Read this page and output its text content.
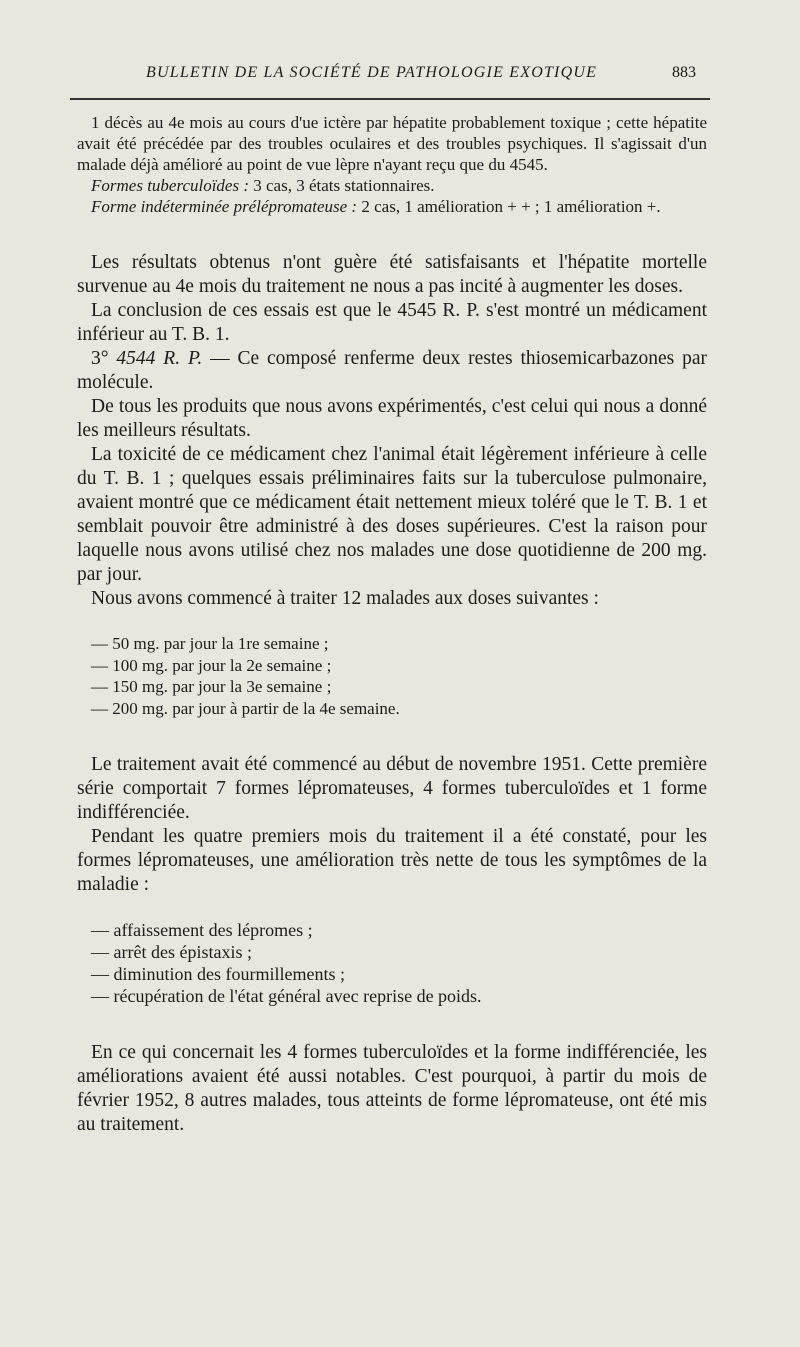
BULLETIN DE LA SOCIÉTÉ DE PATHOLOGIE EXOTIQUE	883

1 décès au 4e mois au cours d'ue ictère par hépatite probablement toxique ; cette hépatite avait été précédée par des troubles oculaires et des troubles psychiques. Il s'agissait d'un malade déjà amélioré au point de vue lèpre n'ayant reçu que du 4545.

Formes tuberculoïdes : 3 cas, 3 états stationnaires.

Forme indéterminée prélépromateuse : 2 cas, 1 amélioration + + ; 1 amélioration +.

Les résultats obtenus n'ont guère été satisfaisants et l'hépatite mortelle survenue au 4e mois du traitement ne nous a pas incité à augmenter les doses.

La conclusion de ces essais est que le 4545 R. P. s'est montré un médicament inférieur au T. B. 1.

3° 4544 R. P. — Ce composé renferme deux restes thiosemicarbazones par molécule.

De tous les produits que nous avons expérimentés, c'est celui qui nous a donné les meilleurs résultats.

La toxicité de ce médicament chez l'animal était légèrement inférieure à celle du T. B. 1 ; quelques essais préliminaires faits sur la tuberculose pulmonaire, avaient montré que ce médicament était nettement mieux toléré que le T. B. 1 et semblait pouvoir être administré à des doses supérieures. C'est la raison pour laquelle nous avons utilisé chez nos malades une dose quotidienne de 200 mg. par jour.

Nous avons commencé à traiter 12 malades aux doses suivantes :

— 50 mg. par jour la 1re semaine ;
— 100 mg. par jour la 2e semaine ;
— 150 mg. par jour la 3e semaine ;
— 200 mg. par jour à partir de la 4e semaine.

Le traitement avait été commencé au début de novembre 1951. Cette première série comportait 7 formes lépromateuses, 4 formes tuberculoïdes et 1 forme indifférenciée.

Pendant les quatre premiers mois du traitement il a été constaté, pour les formes lépromateuses, une amélioration très nette de tous les symptômes de la maladie :

— affaissement des lépromes ;
— arrêt des épistaxis ;
— diminution des fourmillements ;
— récupération de l'état général avec reprise de poids.

En ce qui concernait les 4 formes tuberculoïdes et la forme indifférenciée, les améliorations avaient été aussi notables. C'est pourquoi, à partir du mois de février 1952, 8 autres malades, tous atteints de forme lépromateuse, ont été mis au traitement.
